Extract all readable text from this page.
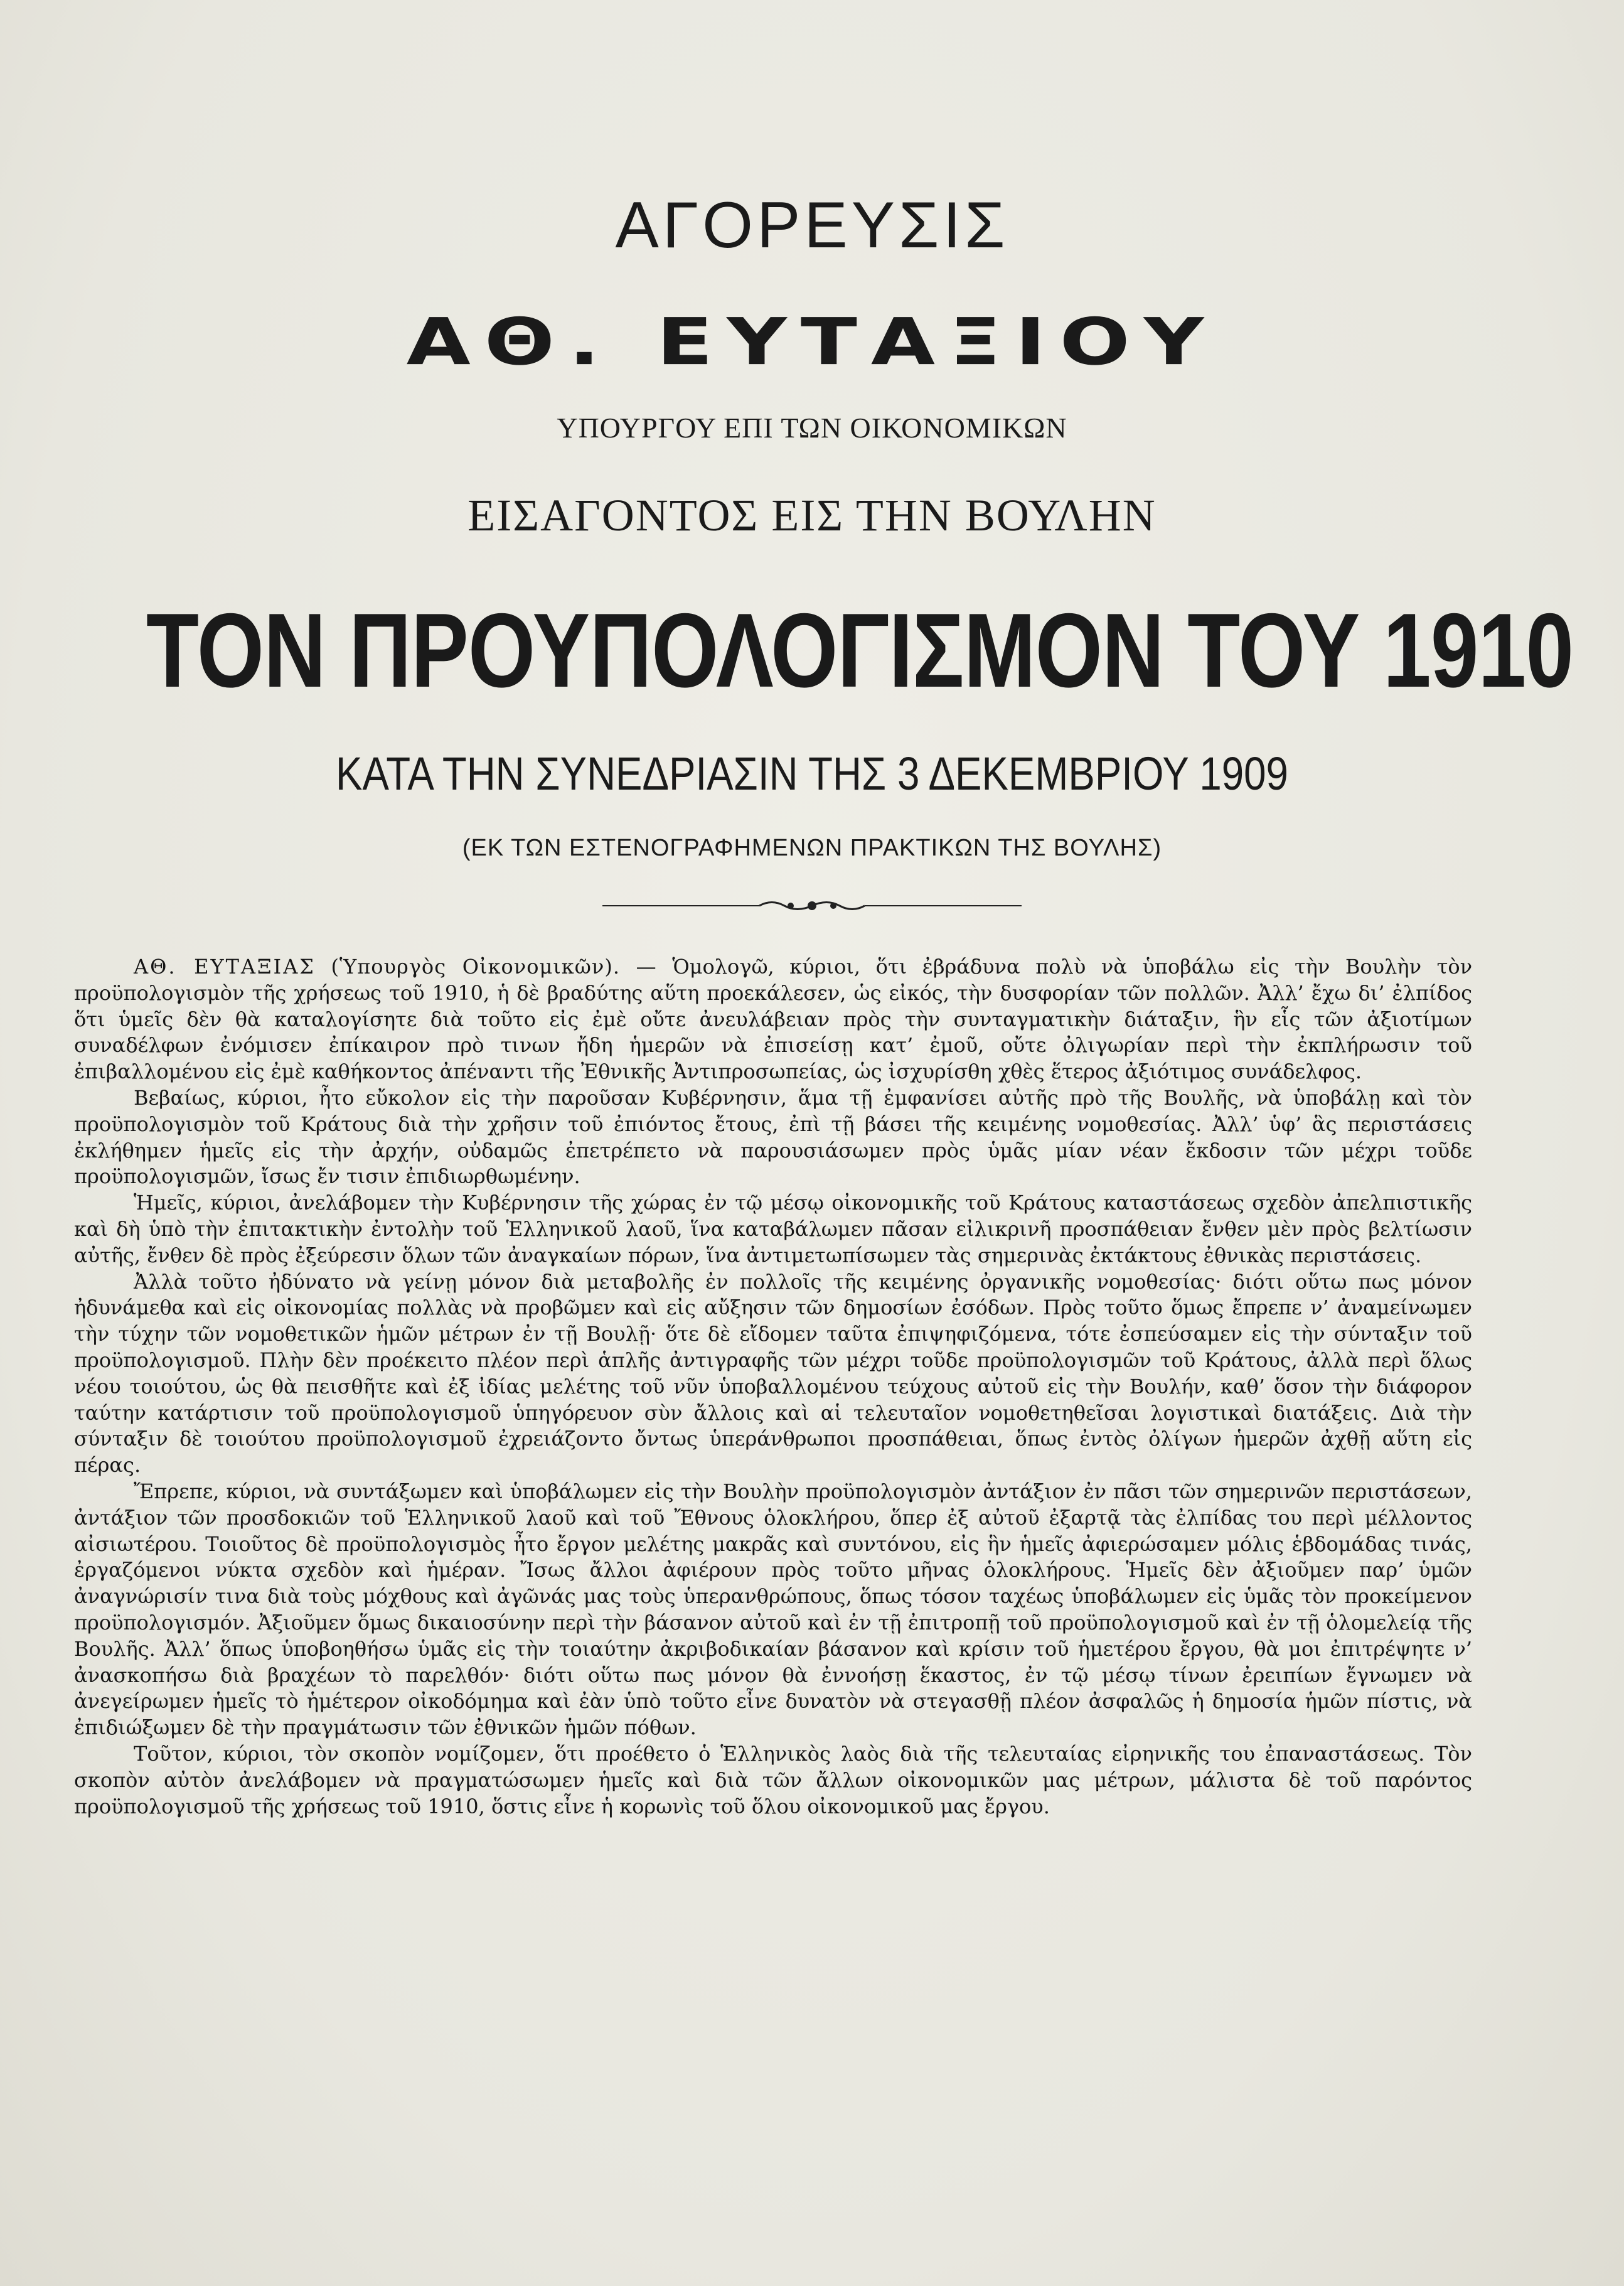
ΑΓΟΡΕΥΣΙΣ
ΑΘ. ΕΥΤΑΞΙΟΥ
ΥΠΟΥΡΓΟΥ ΕΠΙ ΤΩΝ ΟΙΚΟΝΟΜΙΚΩΝ
ΕΙΣΑΓΟΝΤΟΣ ΕΙΣ ΤΗΝ ΒΟΥΛΗΝ
ΤΟΝ ΠΡΟΥΠΟΛΟΓΙΣΜΟΝ ΤΟΥ 1910
ΚΑΤΑ ΤΗΝ ΣΥΝΕΔΡΙΑΣΙΝ ΤΗΣ 3 ΔΕΚΕΜΒΡΙΟΥ 1909
(ΕΚ ΤΩΝ ΕΣΤΕΝΟΓΡΑΦΗΜΕΝΩΝ ΠΡΑΚΤΙΚΩΝ ΤΗΣ ΒΟΥΛΗΣ)

ΑΘ. ΕΥΤΑΞΙΑΣ (Ὑπουργὸς Οἰκονομικῶν). — Ὁμολογῶ, κύριοι, ὅτι ἐβράδυνα πολὺ νὰ ὑποβάλω εἰς τὴν Βουλὴν τὸν προϋπολογισμὸν τῆς χρήσεως τοῦ 1910, ἡ δὲ βραδύτης αὕτη προεκάλεσεν, ὡς εἰκός, τὴν δυσφορίαν τῶν πολλῶν. Ἀλλ’ ἔχω δι’ ἐλπίδος ὅτι ὑμεῖς δὲν θὰ καταλογίσητε διὰ τοῦτο εἰς ἐμὲ οὔτε ἀνευλάβειαν πρὸς τὴν συνταγματικὴν διάταξιν, ἣν εἷς τῶν ἀξιοτίμων συναδέλφων ἐνόμισεν ἐπίκαιρον πρὸ τινων ἤδη ἡμερῶν νὰ ἐπισείσῃ κατ’ ἐμοῦ, οὔτε ὀλιγωρίαν περὶ τὴν ἐκπλήρωσιν τοῦ ἐπιβαλλομένου εἰς ἐμὲ καθήκοντος ἀπέναντι τῆς Ἐθνικῆς Ἀντιπροσωπείας, ὡς ἰσχυρίσθη χθὲς ἕτερος ἀξιότιμος συνάδελφος.

Βεβαίως, κύριοι, ἦτο εὔκολον εἰς τὴν παροῦσαν Κυβέρνησιν, ἅμα τῇ ἐμφανίσει αὐτῆς πρὸ τῆς Βουλῆς, νὰ ὑποβάλῃ καὶ τὸν προϋπολογισμὸν τοῦ Κράτους διὰ τὴν χρῆσιν τοῦ ἐπιόντος ἔτους, ἐπὶ τῇ βάσει τῆς κειμένης νομοθεσίας. Ἀλλ’ ὑφ’ ἃς περιστάσεις ἐκλήθημεν ἡμεῖς εἰς τὴν ἀρχήν, οὐδαμῶς ἐπετρέπετο νὰ παρουσιάσωμεν πρὸς ὑμᾶς μίαν νέαν ἔκδοσιν τῶν μέχρι τοῦδε προϋπολογισμῶν, ἴσως ἔν τισιν ἐπιδιωρθωμένην.

Ἡμεῖς, κύριοι, ἀνελάβομεν τὴν Κυβέρνησιν τῆς χώρας ἐν τῷ μέσῳ οἰκονομικῆς τοῦ Κράτους καταστάσεως σχεδὸν ἀπελπιστικῆς καὶ δὴ ὑπὸ τὴν ἐπιτακτικὴν ἐντολὴν τοῦ Ἑλληνικοῦ λαοῦ, ἵνα καταβάλωμεν πᾶσαν εἰλικρινῆ προσπάθειαν ἔνθεν μὲν πρὸς βελτίωσιν αὐτῆς, ἔνθεν δὲ πρὸς ἐξεύρεσιν ὅλων τῶν ἀναγκαίων πόρων, ἵνα ἀντιμετωπίσωμεν τὰς σημερινὰς ἐκτάκτους ἐθνικὰς περιστάσεις.

Ἀλλὰ τοῦτο ἠδύνατο νὰ γείνῃ μόνον διὰ μεταβολῆς ἐν πολλοῖς τῆς κειμένης ὀργανικῆς νομοθεσίας· διότι οὕτω πως μόνον ἠδυνάμεθα καὶ εἰς οἰκονομίας πολλὰς νὰ προβῶμεν καὶ εἰς αὔξησιν τῶν δημοσίων ἐσόδων. Πρὸς τοῦτο ὅμως ἔπρεπε ν’ ἀναμείνωμεν τὴν τύχην τῶν νομοθετικῶν ἡμῶν μέτρων ἐν τῇ Βουλῇ· ὅτε δὲ εἴδομεν ταῦτα ἐπιψηφιζόμενα, τότε ἐσπεύσαμεν εἰς τὴν σύνταξιν τοῦ προϋπολογισμοῦ. Πλὴν δὲν προέκειτο πλέον περὶ ἁπλῆς ἀντιγραφῆς τῶν μέχρι τοῦδε προϋπολογισμῶν τοῦ Κράτους, ἀλλὰ περὶ ὅλως νέου τοιούτου, ὡς θὰ πεισθῆτε καὶ ἐξ ἰδίας μελέτης τοῦ νῦν ὑποβαλλομένου τεύχους αὐτοῦ εἰς τὴν Βουλήν, καθ’ ὅσον τὴν διάφορον ταύτην κατάρτισιν τοῦ προϋπολογισμοῦ ὑπηγόρευον σὺν ἄλλοις καὶ αἱ τελευταῖον νομοθετηθεῖσαι λογιστικαὶ διατάξεις. Διὰ τὴν σύνταξιν δὲ τοιούτου προϋπολογισμοῦ ἐχρειάζοντο ὄντως ὑπεράνθρωποι προσπάθειαι, ὅπως ἐντὸς ὀλίγων ἡμερῶν ἀχθῇ αὕτη εἰς πέρας.

Ἔπρεπε, κύριοι, νὰ συντάξωμεν καὶ ὑποβάλωμεν εἰς τὴν Βουλὴν προϋπολογισμὸν ἀντάξιον ἐν πᾶσι τῶν σημερινῶν περιστάσεων, ἀντάξιον τῶν προσδοκιῶν τοῦ Ἑλληνικοῦ λαοῦ καὶ τοῦ Ἔθνους ὁλοκλήρου, ὅπερ ἐξ αὐτοῦ ἐξαρτᾷ τὰς ἐλπίδας του περὶ μέλλοντος αἰσιωτέρου. Τοιοῦτος δὲ προϋπολογισμὸς ἦτο ἔργον μελέτης μακρᾶς καὶ συντόνου, εἰς ἣν ἡμεῖς ἀφιερώσαμεν μόλις ἑβδομάδας τινάς, ἐργαζόμενοι νύκτα σχεδὸν καὶ ἡμέραν. Ἴσως ἄλλοι ἀφιέρουν πρὸς τοῦτο μῆνας ὁλοκλήρους. Ἡμεῖς δὲν ἀξιοῦμεν παρ’ ὑμῶν ἀναγνώρισίν τινα διὰ τοὺς μόχθους καὶ ἀγῶνάς μας τοὺς ὑπερανθρώπους, ὅπως τόσον ταχέως ὑποβάλωμεν εἰς ὑμᾶς τὸν προκείμενον προϋπολογισμόν. Ἀξιοῦμεν ὅμως δικαιοσύνην περὶ τὴν βάσανον αὐτοῦ καὶ ἐν τῇ ἐπιτροπῇ τοῦ προϋπολογισμοῦ καὶ ἐν τῇ ὁλομελείᾳ τῆς Βουλῆς. Ἀλλ’ ὅπως ὑποβοηθήσω ὑμᾶς εἰς τὴν τοιαύτην ἀκριβοδικαίαν βάσανον καὶ κρίσιν τοῦ ἡμετέρου ἔργου, θὰ μοι ἐπιτρέψητε ν’ ἀνασκοπήσω διὰ βραχέων τὸ παρελθόν· διότι οὕτω πως μόνον θὰ ἐννοήσῃ ἕκαστος, ἐν τῷ μέσῳ τίνων ἐρειπίων ἔγνωμεν νὰ ἀνεγείρωμεν ἡμεῖς τὸ ἡμέτερον οἰκοδόμημα καὶ ἐὰν ὑπὸ τοῦτο εἶνε δυνατὸν νὰ στεγασθῇ πλέον ἀσφαλῶς ἡ δημοσία ἡμῶν πίστις, νὰ ἐπιδιώξωμεν δὲ τὴν πραγμάτωσιν τῶν ἐθνικῶν ἡμῶν πόθων.

Τοῦτον, κύριοι, τὸν σκοπὸν νομίζομεν, ὅτι προέθετο ὁ Ἑλληνικὸς λαὸς διὰ τῆς τελευταίας εἰρηνικῆς του ἐπαναστάσεως. Τὸν σκοπὸν αὐτὸν ἀνελάβομεν νὰ πραγματώσωμεν ἡμεῖς καὶ διὰ τῶν ἄλλων οἰκονομικῶν μας μέτρων, μάλιστα δὲ τοῦ παρόντος προϋπολογισμοῦ τῆς χρήσεως τοῦ 1910, ὅστις εἶνε ἡ κορωνὶς τοῦ ὅλου οἰκονομικοῦ μας ἔργου.
